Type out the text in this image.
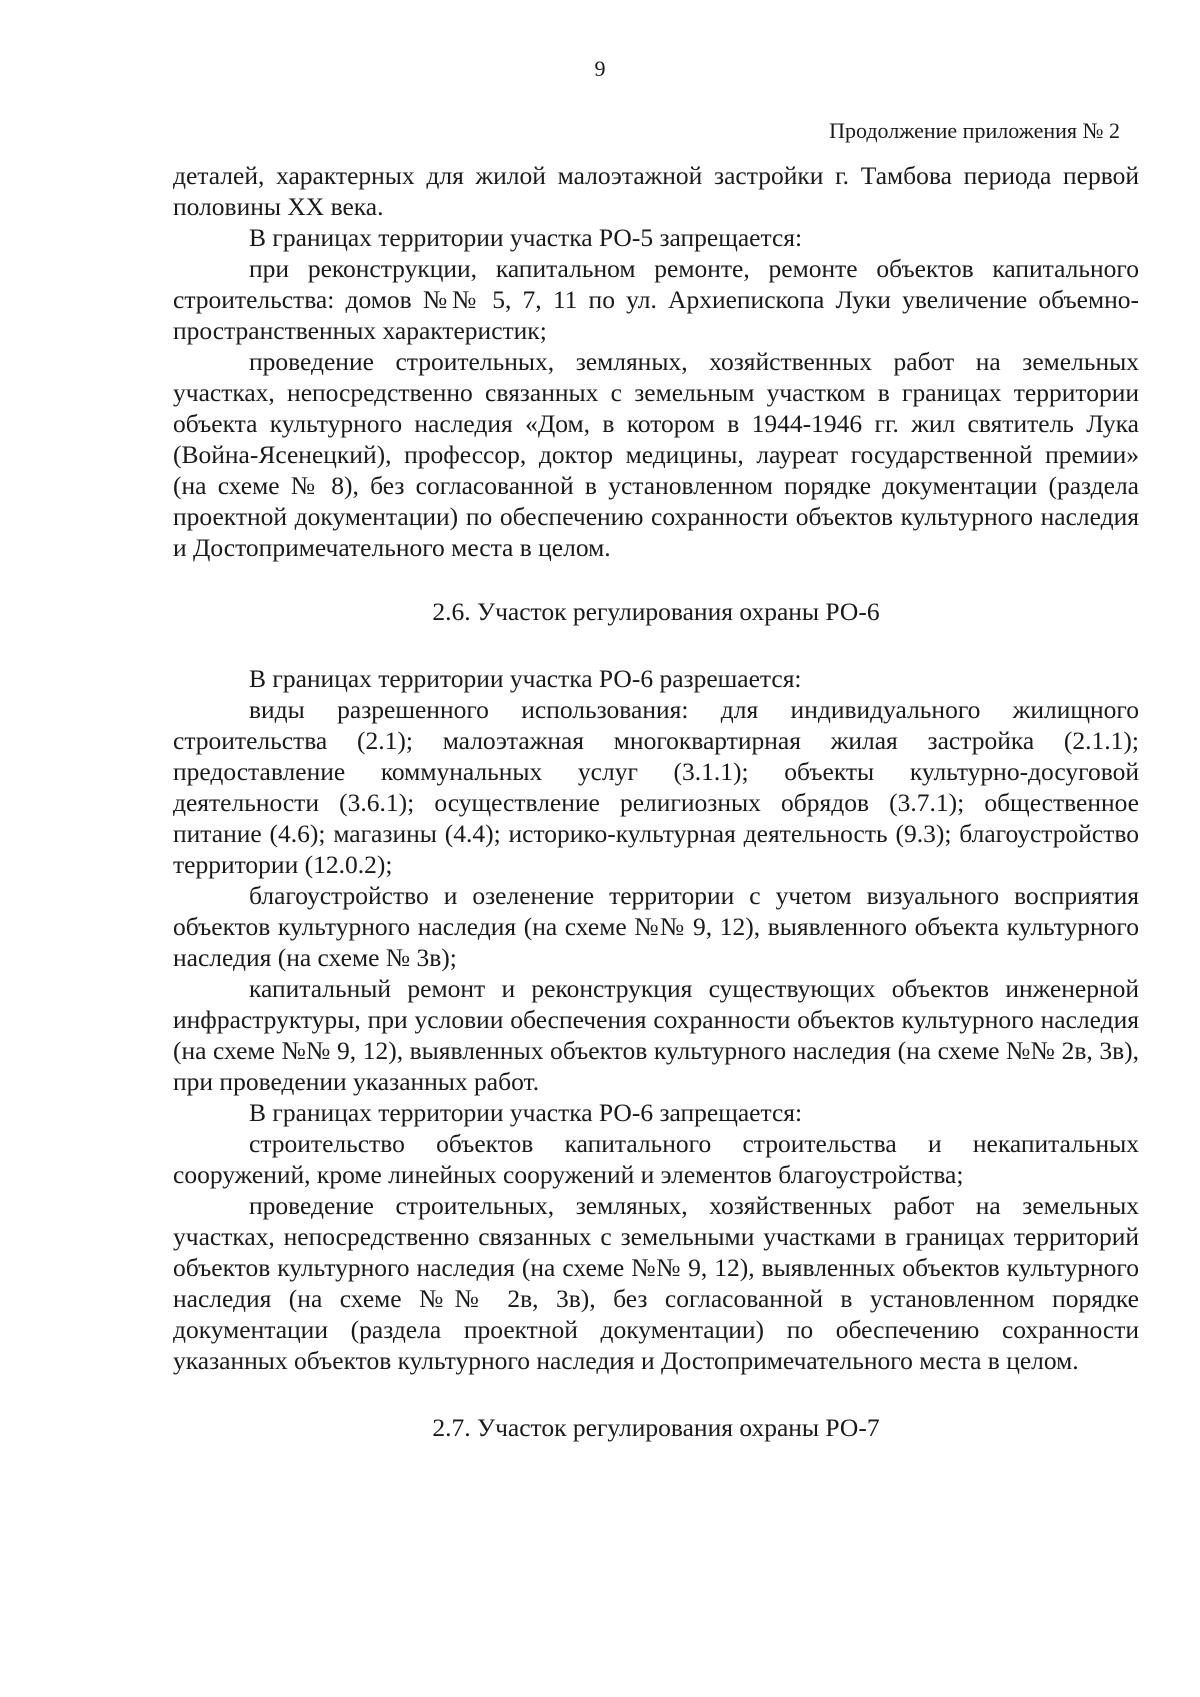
9
Продолжение приложения № 2

деталей, характерных для жилой малоэтажной застройки г. Тамбова периода первой половины XX века.

В границах территории участка РО-5 запрещается:

при реконструкции, капитальном ремонте, ремонте объектов капитального строительства: домов №№ 5, 7, 11 по ул. Архиепископа Луки увеличение объемно-пространственных характеристик;

проведение строительных, земляных, хозяйственных работ на земельных участках, непосредственно связанных с земельным участком в границах территории объекта культурного наследия «Дом, в котором в 1944-1946 гг. жил святитель Лука (Война-Ясенецкий), профессор, доктор медицины, лауреат государственной премии» (на схеме № 8), без согласованной в установленном порядке документации (раздела проектной документации) по обеспечению сохранности объектов культурного наследия и Достопримечательного места в целом.

2.6. Участок регулирования охраны РО-6

В границах территории участка РО-6 разрешается:

виды разрешенного использования: для индивидуального жилищного строительства (2.1); малоэтажная многоквартирная жилая застройка (2.1.1); предоставление коммунальных услуг (3.1.1); объекты культурно-досуговой деятельности (3.6.1); осуществление религиозных обрядов (3.7.1); общественное питание (4.6); магазины (4.4); историко-культурная деятельность (9.3); благоустройство территории (12.0.2);

благоустройство и озеленение территории с учетом визуального восприятия объектов культурного наследия (на схеме №№ 9, 12), выявленного объекта культурного наследия (на схеме № 3в);

капитальный ремонт и реконструкция существующих объектов инженерной инфраструктуры, при условии обеспечения сохранности объектов культурного наследия (на схеме №№ 9, 12), выявленных объектов культурного наследия (на схеме №№ 2в, 3в), при проведении указанных работ.

В границах территории участка РО-6 запрещается:

строительство объектов капитального строительства и некапитальных сооружений, кроме линейных сооружений и элементов благоустройства;

проведение строительных, земляных, хозяйственных работ на земельных участках, непосредственно связанных с земельными участками в границах территорий объектов культурного наследия (на схеме №№ 9, 12), выявленных объектов культурного наследия (на схеме №№ 2в, 3в), без согласованной в установленном порядке документации (раздела проектной документации) по обеспечению сохранности указанных объектов культурного наследия и Достопримечательного места в целом.

2.7. Участок регулирования охраны РО-7
